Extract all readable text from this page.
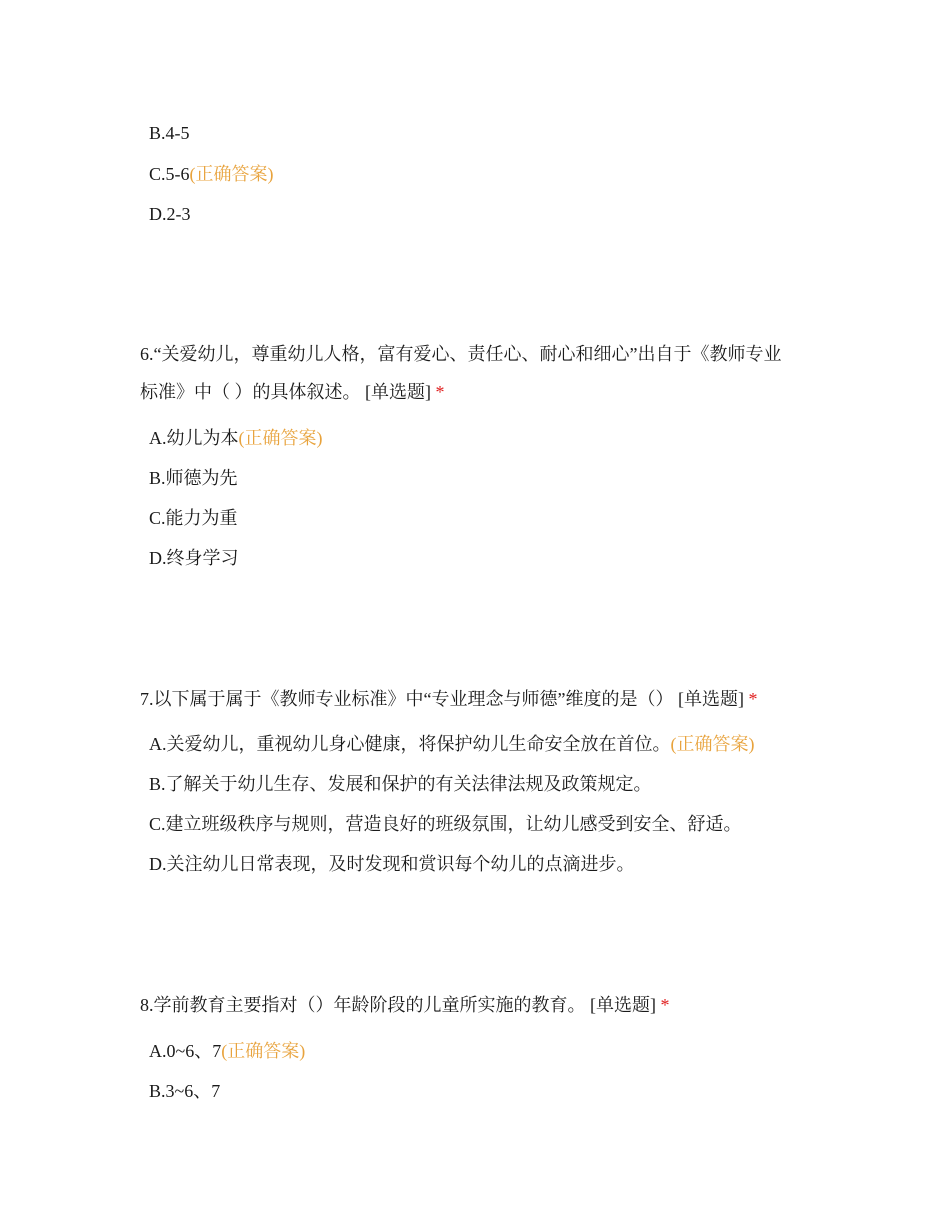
B.4-5
C.5-6(正确答案)
D.2-3
6.“关爱幼儿，尊重幼儿人格，富有爱心、责任心、耐心和细心”出自于《教师专业
标准》中（ ）的具体叙述。 [单选题] *
A.幼儿为本(正确答案)
B.师德为先
C.能力为重
D.终身学习
7.以下属于属于《教师专业标准》中“专业理念与师德”维度的是（） [单选题] *
A.关爱幼儿，重视幼儿身心健康，将保护幼儿生命安全放在首位。(正确答案)
B.了解关于幼儿生存、发展和保护的有关法律法规及政策规定。
C.建立班级秩序与规则，营造良好的班级氛围，让幼儿感受到安全、舒适。
D.关注幼儿日常表现，及时发现和赏识每个幼儿的点滴进步。
8.学前教育主要指对（）年龄阶段的儿童所实施的教育。 [单选题] *
A.0~6、7(正确答案)
B.3~6、7
